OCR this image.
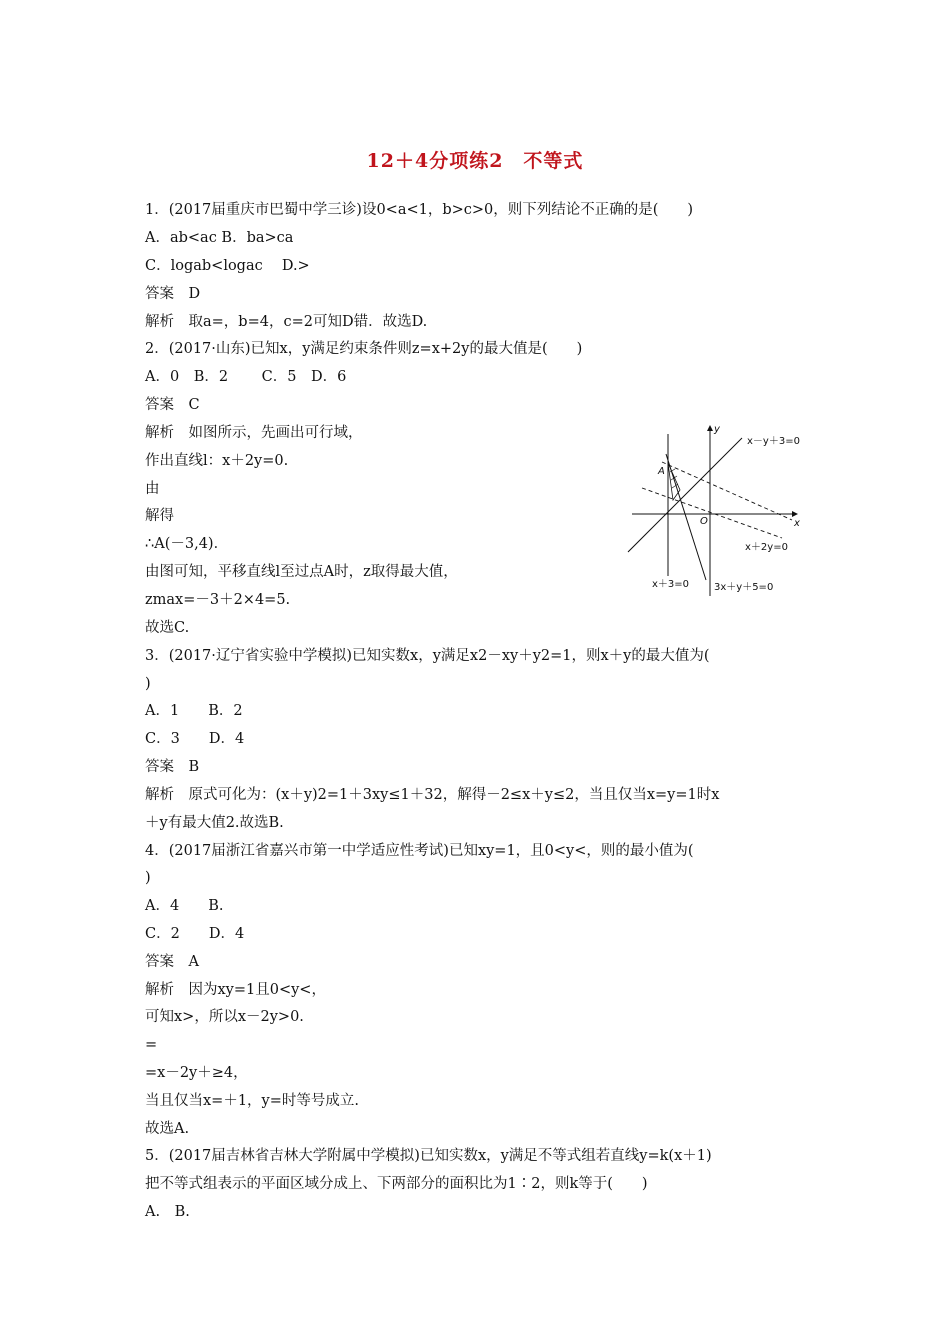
12＋4分项练2　不等式
1．(2017届重庆市巴蜀中学三诊)设0<a<1，b>c>0，则下列结论不正确的是(　　)
A．ab<ac B．ba>ca
C．logab<logac　 D.>
答案　D
解析　取a=，b=4，c=2可知D错．故选D.
2．(2017·山东)已知x，y满足约束条件则z=x+2y的最大值是(　　)
A．0　B．2　　 C．5　D．6
答案　C
解析　如图所示，先画出可行域，
作出直线l：x＋2y=0.
由
解得
∴A(－3,4)．
由图可知，平移直线l至过点A时，z取得最大值，
zmax=－3＋2×4=5.
故选C.
3．(2017·辽宁省实验中学模拟)已知实数x，y满足x2－xy＋y2=1，则x＋y的最大值为(
)
A．1　　B．2
C．3　　D．4
答案　B
解析　原式可化为：(x＋y)2=1＋3xy≤1＋32，解得－2≤x＋y≤2，当且仅当x=y=1时x
＋y有最大值2.故选B.
4．(2017届浙江省嘉兴市第一中学适应性考试)已知xy=1，且0<y<，则的最小值为(
)
A．4　　B.
C．2　　D．4
答案　A
解析　因为xy=1且0<y<，
可知x>，所以x－2y>0.
=
=x－2y＋≥4，
当且仅当x=＋1，y=时等号成立.
故选A.
5．(2017届吉林省吉林大学附属中学模拟)已知实数x，y满足不等式组若直线y=k(x＋1)
把不等式组表示的平面区域分成上、下两部分的面积比为1∶2，则k等于(　　)
A.　B.
y
x
O
A
x－y＋3=0
x＋2y=0
x＋3=0 3x＋y＋5=0
